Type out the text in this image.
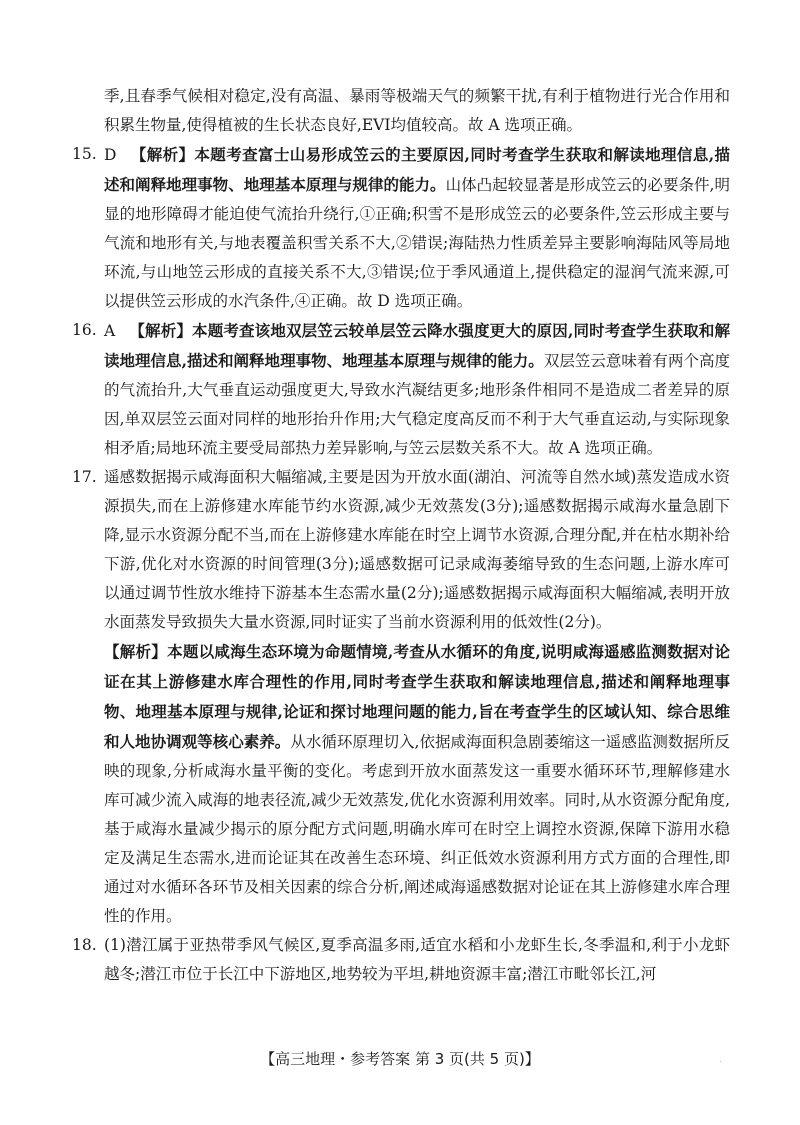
季,且春季气候相对稳定,没有高温、暴雨等极端天气的频繁干扰,有利于植物进行光合作用和积累生物量,使得植被的生长状态良好,EVI均值较高。故 A 选项正确。

15. D 【解析】本题考查富士山易形成笠云的主要原因,同时考查学生获取和解读地理信息,描述和阐释地理事物、地理基本原理与规律的能力。山体凸起较显著是形成笠云的必要条件,明显的地形障碍才能迫使气流抬升绕行,①正确;积雪不是形成笠云的必要条件,笠云形成主要与气流和地形有关,与地表覆盖积雪关系不大,②错误;海陆热力性质差异主要影响海陆风等局地环流,与山地笠云形成的直接关系不大,③错误;位于季风通道上,提供稳定的湿润气流来源,可以提供笠云形成的水汽条件,④正确。故 D 选项正确。
16. A 【解析】本题考查该地双层笠云较单层笠云降水强度更大的原因,同时考查学生获取和解读地理信息,描述和阐释地理事物、地理基本原理与规律的能力。双层笠云意味着有两个高度的气流抬升,大气垂直运动强度更大,导致水汽凝结更多;地形条件相同不是造成二者差异的原因,单双层笠云面对同样的地形抬升作用;大气稳定度高反而不利于大气垂直运动,与实际现象相矛盾;局地环流主要受局部热力差异影响,与笠云层数关系不大。故 A 选项正确。
17. 遥感数据揭示咸海面积大幅缩减,主要是因为开放水面(湖泊、河流等自然水域)蒸发造成水资源损失,而在上游修建水库能节约水资源,减少无效蒸发(3分);遥感数据揭示咸海水量急剧下降,显示水资源分配不当,而在上游修建水库能在时空上调节水资源,合理分配,并在枯水期补给下游,优化对水资源的时间管理(3分);遥感数据可记录咸海萎缩导致的生态问题,上游水库可以通过调节性放水维持下游基本生态需水量(2分);遥感数据揭示咸海面积大幅缩减,表明开放水面蒸发导致损失大量水资源,同时证实了当前水资源利用的低效性(2分)。

【解析】本题以咸海生态环境为命题情境,考查从水循环的角度,说明咸海遥感监测数据对论证在其上游修建水库合理性的作用,同时考查学生获取和解读地理信息,描述和阐释地理事物、地理基本原理与规律,论证和探讨地理问题的能力,旨在考查学生的区域认知、综合思维和人地协调观等核心素养。从水循环原理切入,依据咸海面积急剧萎缩这一遥感监测数据所反映的现象,分析咸海水量平衡的变化。考虑到开放水面蒸发这一重要水循环环节,理解修建水库可减少流入咸海的地表径流,减少无效蒸发,优化水资源利用效率。同时,从水资源分配角度,基于咸海水量减少揭示的原分配方式问题,明确水库可在时空上调控水资源,保障下游用水稳定及满足生态需水,进而论证其在改善生态环境、纠正低效水资源利用方式方面的合理性,即通过对水循环各环节及相关因素的综合分析,阐述咸海遥感数据对论证在其上游修建水库合理性的作用。

18. (1)潜江属于亚热带季风气候区,夏季高温多雨,适宜水稻和小龙虾生长,冬季温和,利于小龙虾越冬;潜江市位于长江中下游地区,地势较为平坦,耕地资源丰富;潜江市毗邻长江,河
【高三地理・参考答案 第 3 页(共 5 页)】	.
